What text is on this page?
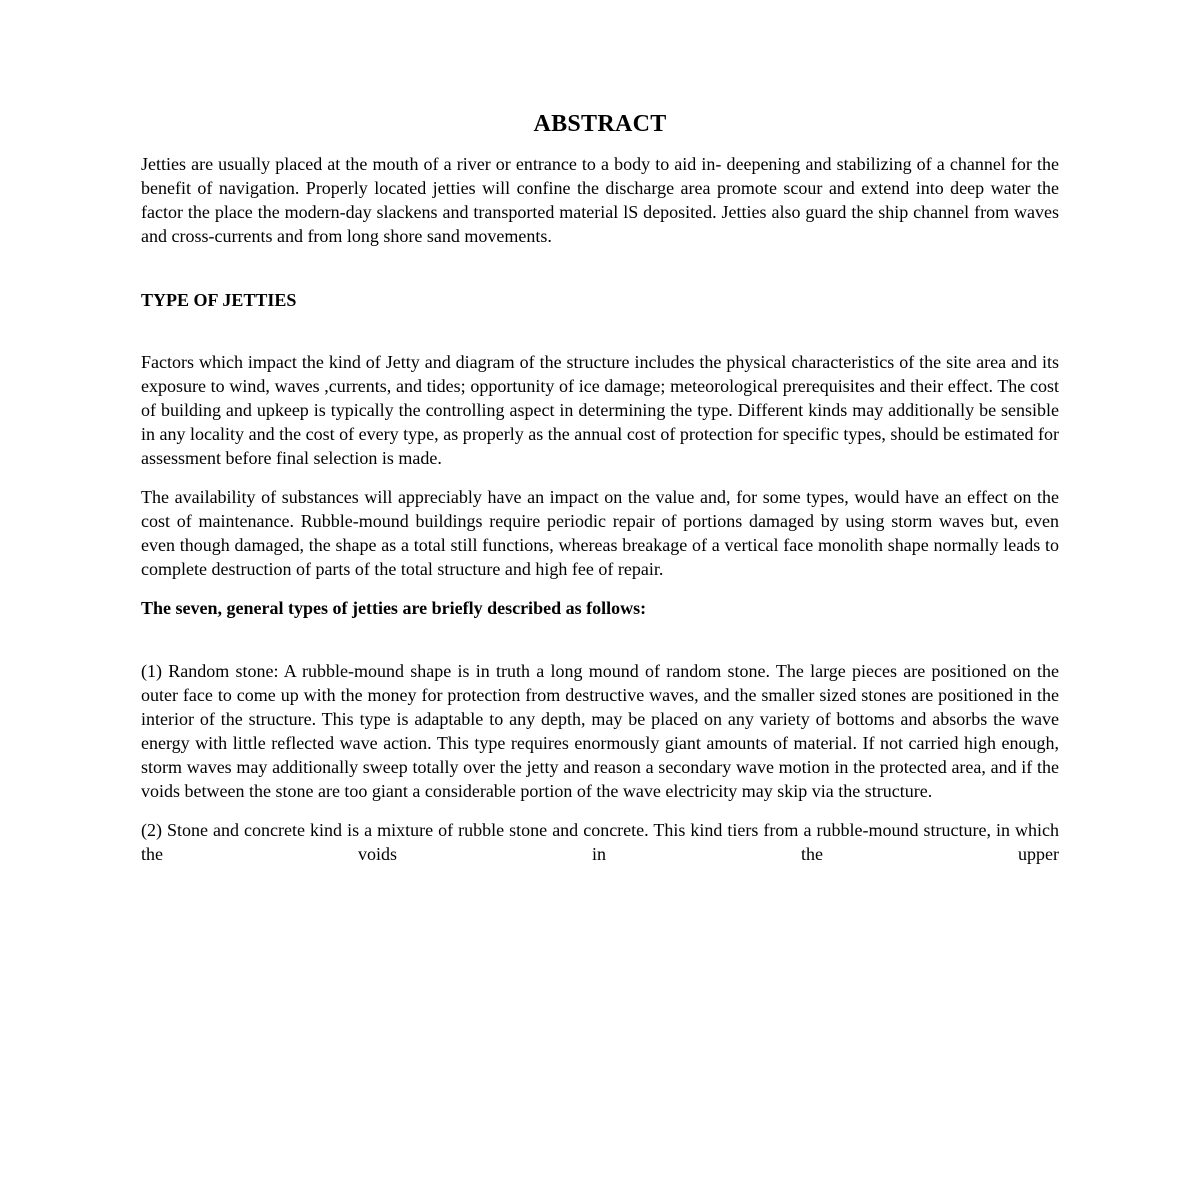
ABSTRACT

Jetties are usually placed at the mouth of a river or entrance to a body to aid in- deepening and stabilizing of a channel for the benefit of navigation. Properly located jetties will confine the discharge area promote scour and extend into deep water the factor the place the modern-day slackens and transported material lS deposited. Jetties also guard the ship channel from waves and cross-currents and from long shore sand movements.

TYPE OF JETTIES

Factors which impact the kind of Jetty and diagram of the structure includes the physical characteristics of the site area and its exposure to wind, waves ,currents, and tides; opportunity of ice damage; meteorological prerequisites and their effect. The cost of building and upkeep is typically the controlling aspect in determining the type. Different kinds may additionally be sensible in any locality and the cost of every type, as properly as the annual cost of protection for specific types, should be estimated for assessment before final selection is made.

The availability of substances will appreciably have an impact on the value and, for some types, would have an effect on the cost of maintenance. Rubble-mound buildings require periodic repair of portions damaged by using storm waves but, even even though damaged, the shape as a total still functions, whereas breakage of a vertical face monolith shape normally leads to complete destruction of parts of the total structure and high fee of repair.

The seven, general types of jetties are briefly described as follows:

(1) Random stone: A rubble-mound shape is in truth a long mound of random stone. The large pieces are positioned on the outer face to come up with the money for protection from destructive waves, and the smaller sized stones are positioned in the interior of the structure. This type is adaptable to any depth, may be placed on any variety of bottoms and absorbs the wave energy with little reflected wave action. This type requires enormously giant amounts of material. If not carried high enough, storm waves may additionally sweep totally over the jetty and reason a secondary wave motion in the protected area, and if the voids between the stone are too giant a considerable portion of the wave electricity may skip via the structure.

(2) Stone and concrete kind is a mixture of rubble stone and concrete. This kind tiers from a rubble-mound structure, in which the voids in the upper
